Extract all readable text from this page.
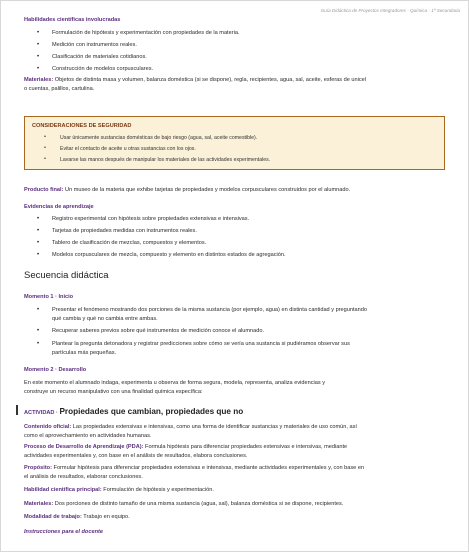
Guía Didáctica de Proyectos Integradores - Química - 1º Secundaria
Habilidades científicas involucradas
• Formulación de hipótesis y experimentación con propiedades de la materia.
• Medición con instrumentos reales.
• Clasificación de materiales cotidianos.
• Construcción de modelos corpusculares.
Materiales: Objetos de distinta masa y volumen, balanza doméstica (si se dispone), regla, recipientes, agua, sal, aceite, esferas de unicel
o cuentas, palillos, cartulina.
CONSIDERACIONES DE SEGURIDAD
•	Usar únicamente sustancias domésticas de bajo riesgo (agua, sal, aceite comestible).
•	Evitar el contacto de aceite u otras sustancias con los ojos.
•	Lavarse las manos después de manipular los materiales de las actividades experimentales.
Producto final: Un museo de la materia que exhibe tarjetas de propiedades y modelos corpusculares construidos por el alumnado.
Evidencias de aprendizaje
• Registro experimental con hipótesis sobre propiedades extensivas e intensivas.
• Tarjetas de propiedades medidas con instrumentos reales.
• Tablero de clasificación de mezclas, compuestos y elementos.
• Modelos corpusculares de mezcla, compuesto y elemento en distintos estados de agregación.
Secuencia didáctica
Momento 1 · Inicio
• Presentar el fenómeno mostrando dos porciones de la misma sustancia (por ejemplo, agua) en distinta cantidad y preguntando
qué cambia y qué no cambia entre ambas.
• Recuperar saberes previos sobre qué instrumentos de medición conoce el alumnado.
• Plantear la pregunta detonadora y registrar predicciones sobre cómo se vería una sustancia si pudiéramos observar sus
partículas más pequeñas.
Momento 2 · Desarrollo
En este momento el alumnado indaga, experimenta u observa de forma segura, modela, representa, analiza evidencias y
construye un recurso manipulativo con una finalidad química específica:
ACTIVIDAD · Propiedades que cambian, propiedades que no
Contenido oficial: Las propiedades extensivas e intensivas, como una forma de identificar sustancias y materiales de uso común, así
como el aprovechamiento en actividades humanas.
Proceso de Desarrollo de Aprendizaje (PDA): Formula hipótesis para diferenciar propiedades extensivas e intensivas, mediante
actividades experimentales y, con base en el análisis de resultados, elabora conclusiones.
Propósito: Formular hipótesis para diferenciar propiedades extensivas e intensivas, mediante actividades experimentales y, con base en
el análisis de resultados, elaborar conclusiones.
Habilidad científica principal: Formulación de hipótesis y experimentación.
Materiales: Dos porciones de distinto tamaño de una misma sustancia (agua, sal), balanza doméstica si se dispone, recipientes.
Modalidad de trabajo: Trabajo en equipo.
Instrucciones para el docente
